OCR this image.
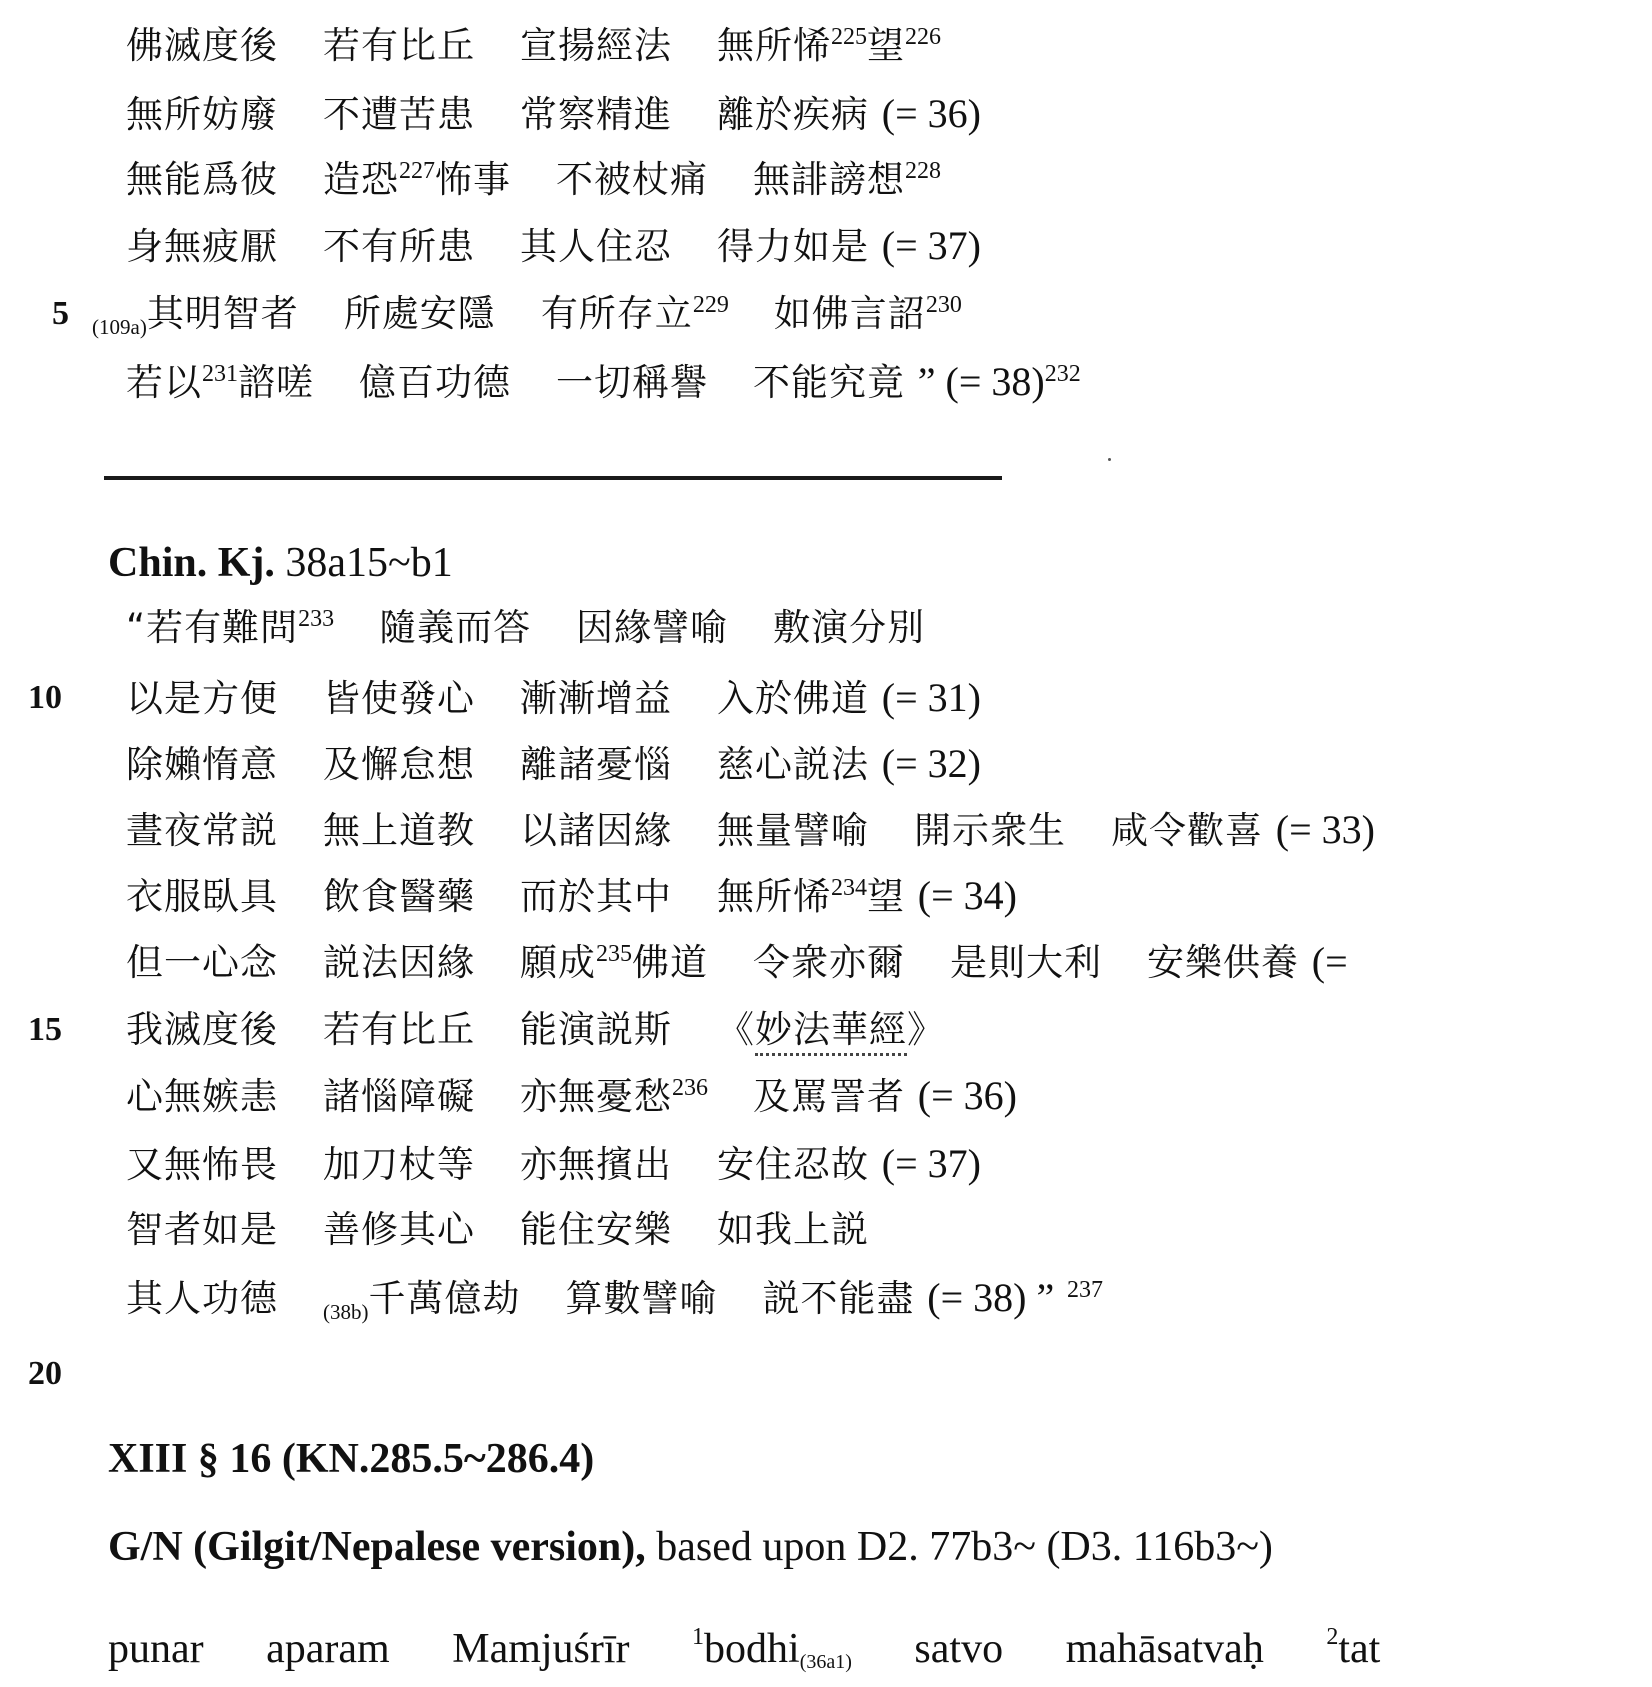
佛滅度後 若有比丘 宣揚經法 無所悕$^{225}$望$^{226}$
無所妨廢 不遭苦患 常察精進 離於疾病 (= 36)
無能爲彼 造恐$^{227}$怖事 不被杖痛 無誹謗想$^{228}$
身無疲厭 不有所患 其人住忍 得力如是 (= 37)
5 $_{(109a)}$其明智者 所處安隱 有所存立$^{229}$ 如佛言詔$^{230}$
若以$^{231}$諮嗟 億百功德 一切稱譽 不能究竟 ” (= 38)$^{232}$
Chin. Kj. 38a15~b1
“若有難問$^{233}$ 隨義而答 因緣譬喻 敷演分別
10 以是方便 皆使發心 漸漸增益 入於佛道 (= 31)
除嬾惰意 及懈怠想 離諸憂惱 慈心説法 (= 32)
晝夜常説 無上道教 以諸因緣 無量譬喻 開示衆生 咸令歡喜 (= 33)
衣服臥具 飲食醫藥 而於其中 無所悕$^{234}$望 (= 34)
但一心念 説法因緣 願成$^{235}$佛道 令衆亦爾 是則大利 安樂供養 (=
15 我滅度後 若有比丘 能演説斯 《妙法華經》
心無嫉恚 諸惱障礙 亦無憂愁$^{236}$ 及罵詈者 (= 36)
又無怖畏 加刀杖等 亦無擯出 安住忍故 (= 37)
智者如是 善修其心 能住安樂 如我上説
其人功德 $_{(38b)}$千萬億劫 算數譬喻 説不能盡 (= 38) ” $^{237}$
20
XIII § 16 (KN.285.5~286.4)
G/N (Gilgit/Nepalese version), based upon D2. 77b3~ (D3. 116b3~)
punar aparam Mamjuśrīr	$^1$bodhi(36a1) satvo mahāsatvaḥ	$^2$tat
